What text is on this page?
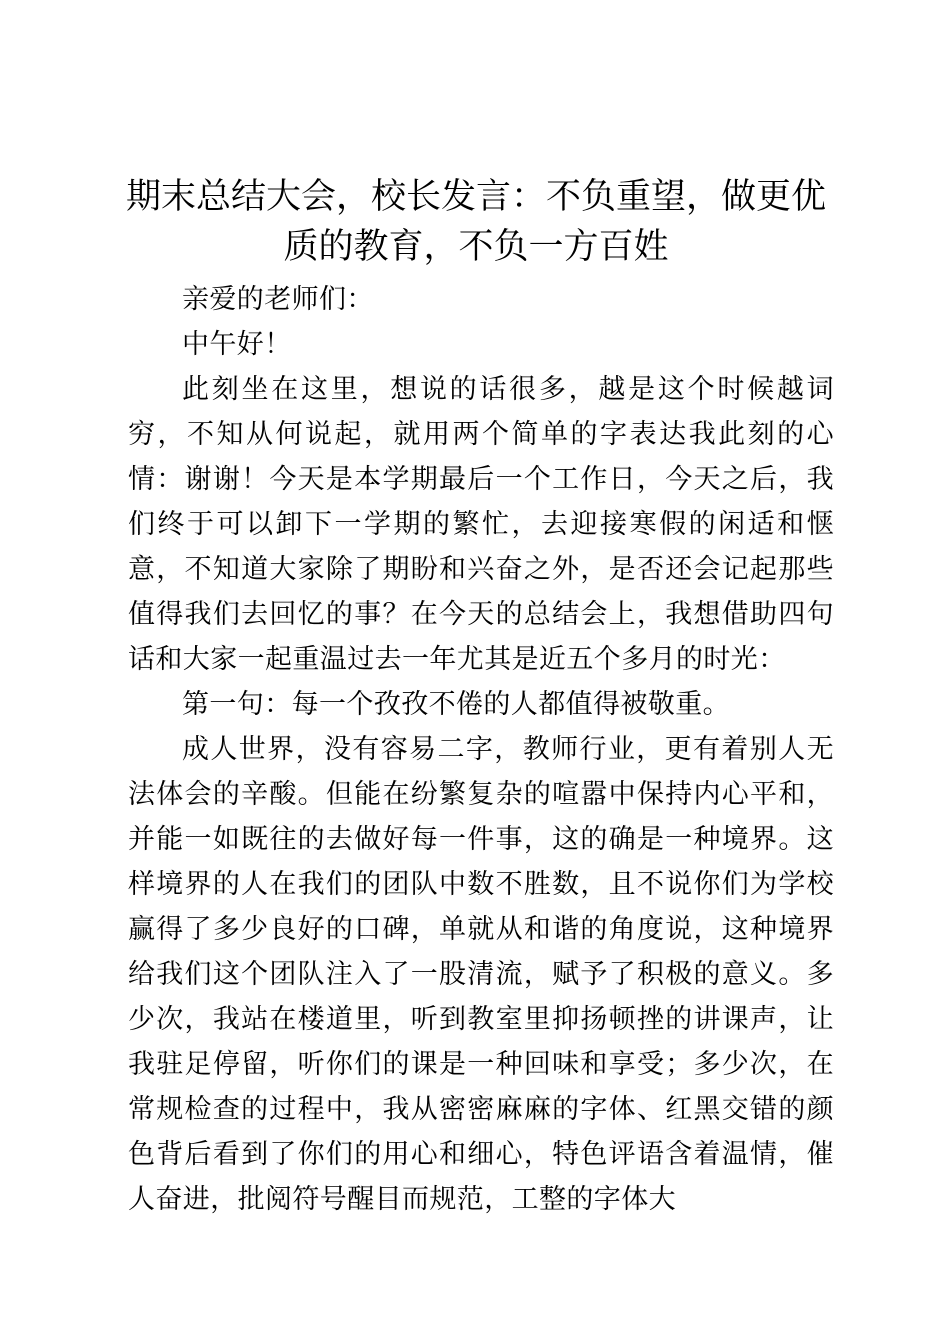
期末总结大会，校长发言：不负重望，做更优质的教育，不负一方百姓

亲爱的老师们：

中午好！

此刻坐在这里，想说的话很多，越是这个时候越词穷，不知从何说起，就用两个简单的字表达我此刻的心情：谢谢！今天是本学期最后一个工作日，今天之后，我们终于可以卸下一学期的繁忙，去迎接寒假的闲适和惬意，不知道大家除了期盼和兴奋之外，是否还会记起那些值得我们去回忆的事？在今天的总结会上，我想借助四句话和大家一起重温过去一年尤其是近五个多月的时光：

第一句：每一个孜孜不倦的人都值得被敬重。

成人世界，没有容易二字，教师行业，更有着别人无法体会的辛酸。但能在纷繁复杂的喧嚣中保持内心平和，并能一如既往的去做好每一件事，这的确是一种境界。这样境界的人在我们的团队中数不胜数，且不说你们为学校赢得了多少良好的口碑，单就从和谐的角度说，这种境界给我们这个团队注入了一股清流，赋予了积极的意义。多少次，我站在楼道里，听到教室里抑扬顿挫的讲课声，让我驻足停留，听你们的课是一种回味和享受；多少次，在常规检查的过程中，我从密密麻麻的字体、红黑交错的颜色背后看到了你们的用心和细心，特色评语含着温情，催人奋进，批阅符号醒目而规范，工整的字体大
